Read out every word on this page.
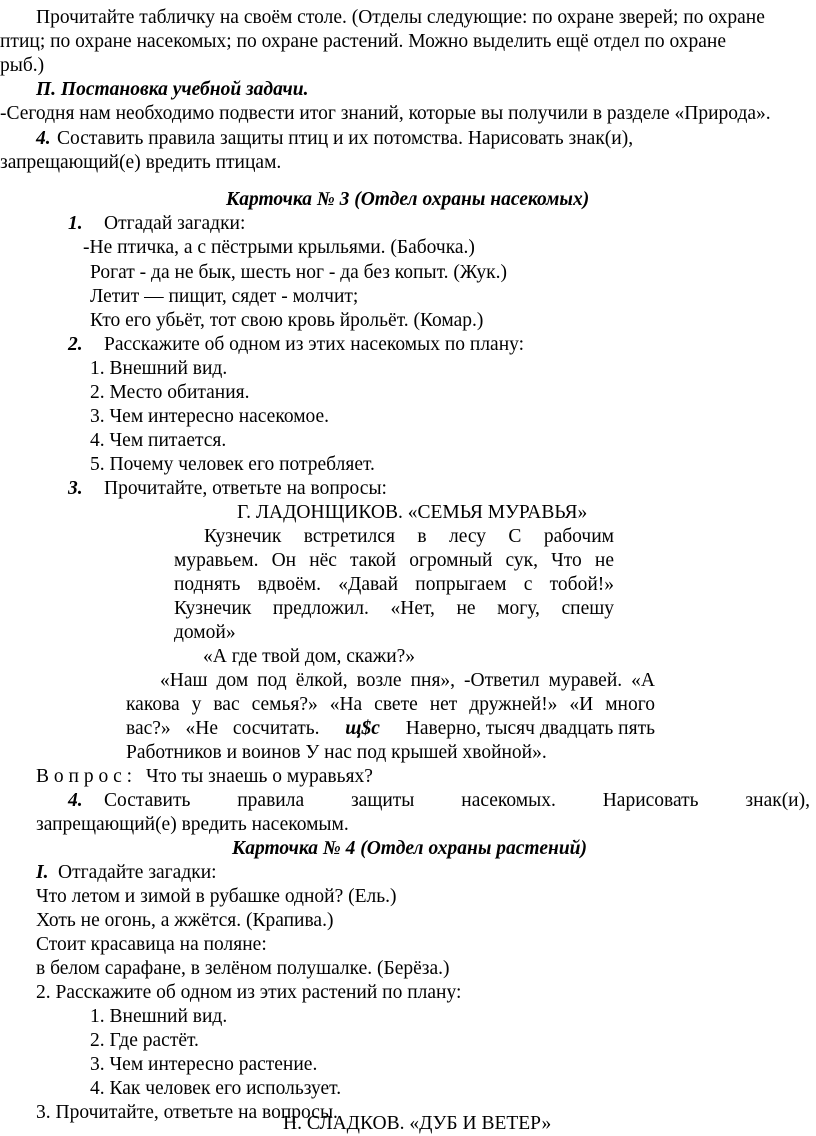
Прочитайте табличку на своём столе. (Отделы следующие: по охране зверей; по охране
птиц; по охране насекомых; по охране растений. Можно выделить ещё отдел по охране
рыб.)
П. Постановка учебной задачи.
-Сегодня нам необходимо подвести итог знаний, которые вы получили в разделе «Природа».
4. Составить правила защиты птиц и их потомства. Нарисовать знак(и),
запрещающий(е) вредить птицам.
Карточка № 3 (Отдел охраны насекомых)
1. Отгадай загадки:
-Не птичка, а с пёстрыми крыльями. (Бабочка.)
Рогат - да не бык, шесть ног - да без копыт. (Жук.)
Летит — пищит, сядет - молчит;
Кто его убьёт, тот свою кровь йрольёт. (Комар.)
2. Расскажите об одном из этих насекомых по плану:
1. Внешний вид.
2. Место обитания.
3. Чем интересно насекомое.
4. Чем питается.
5. Почему человек его потребляет.
3. Прочитайте, ответьте на вопросы:
Г. ЛАДОНЩИКОВ. «СЕМЬЯ МУРАВЬЯ»
Кузнечик встретился в лесу С рабочим
муравьем. Он нёс такой огромный сук, Что не
поднять вдвоём. «Давай попрыгаем с тобой!»
Кузнечик предложил. «Нет, не могу, спешу
домой»
«А где твой дом, скажи?»
«Наш дом под ёлкой, возле пня», -Ответил муравей. «А
какова у вас семья?» «На свете нет дружней!» «И много
вас?» «Не сосчитать. щ$с Наверно, тысяч двадцать пять
Работников и воинов У нас под крышей хвойной».
В о п р о с : Что ты знаешь о муравьях?
4. Составить правила защиты насекомых. Нарисовать знак(и),
запрещающий(е) вредить насекомым.
Карточка № 4 (Отдел охраны растений)
I. Отгадайте загадки:
Что летом и зимой в рубашке одной? (Ель.)
Хоть не огонь, а жжётся. (Крапива.)
Стоит красавица на поляне:
в белом сарафане, в зелёном полушалке. (Берёза.)
2. Расскажите об одном из этих растений по плану:
1. Внешний вид.
2. Где растёт.
3. Чем интересно растение.
4. Как человек его использует.
3. Прочитайте, ответьте на вопросы.
Н. СЛАДКОВ. «ДУБ И ВЕТЕР»
